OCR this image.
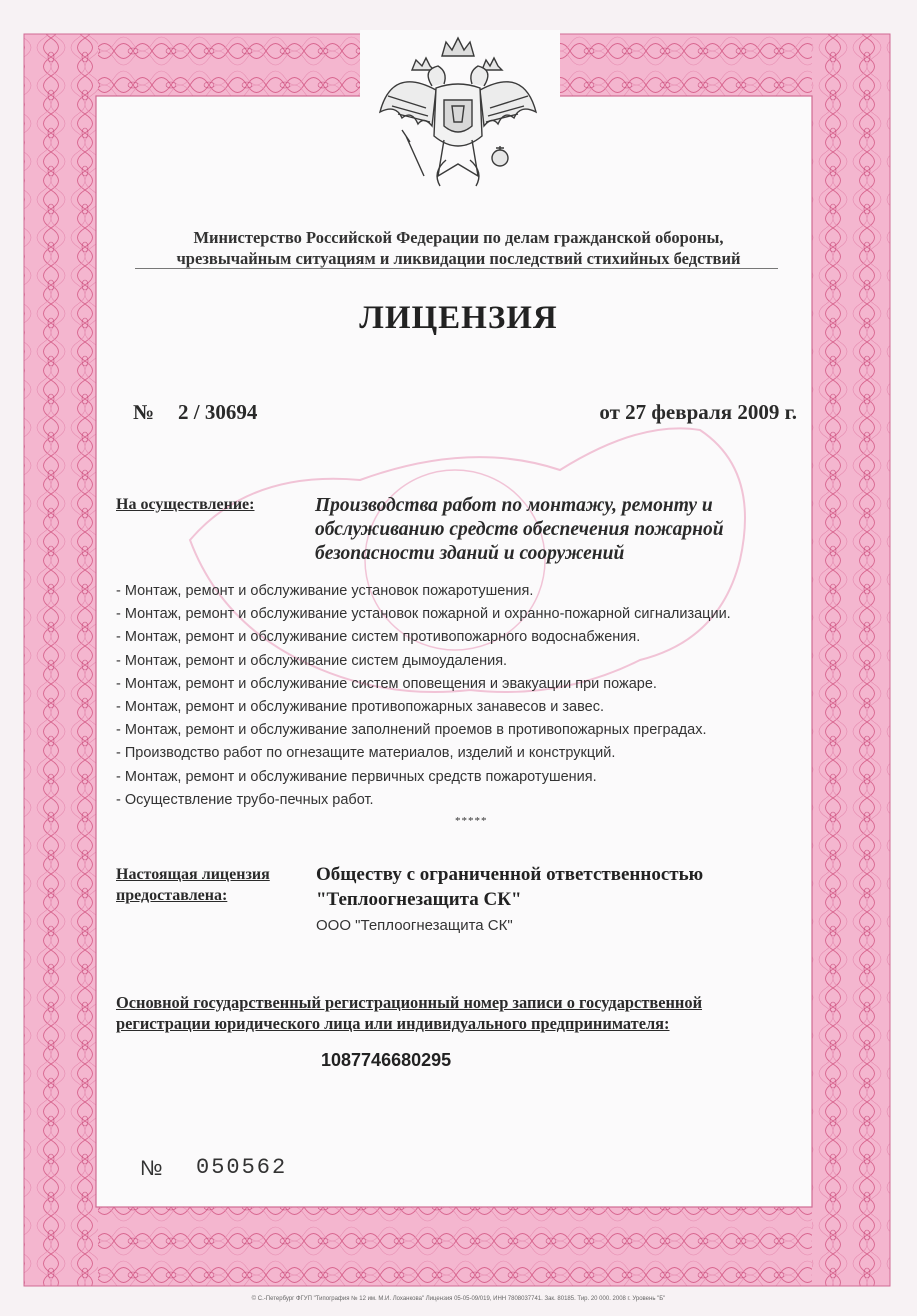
Министерство Российской Федерации по делам гражданской обороны,
чрезвычайным ситуациям и ликвидации последствий стихийных бедствий
ЛИЦЕНЗИЯ
№ 2 / 30694	от 27 февраля 2009 г.
На осуществление:	Производства работ по монтажу, ремонту и обслуживанию средств обеспечения пожарной безопасности зданий и сооружений
- Монтаж, ремонт и обслуживание установок пожаротушения.
- Монтаж, ремонт и обслуживание установок пожарной и охранно-пожарной сигнализации.
- Монтаж, ремонт и обслуживание систем противопожарного водоснабжения.
- Монтаж, ремонт и обслуживание систем дымоудаления.
- Монтаж, ремонт и обслуживание систем оповещения и эвакуации при пожаре.
- Монтаж, ремонт и обслуживание противопожарных занавесов и завес.
- Монтаж, ремонт и обслуживание заполнений проемов в противопожарных преградах.
- Производство работ по огнезащите материалов, изделий и конструкций.
- Монтаж, ремонт и обслуживание первичных средств пожаротушения.
- Осуществление трубо-печных работ.
*****
Настоящая лицензия
предоставлена:
Обществу с ограниченной ответственностью
"Теплоогнезащита СК"
ООО "Теплоогнезащита СК"
Основной государственный регистрационный номер записи о государственной
регистрации юридического лица или индивидуального предпринимателя:
1087746680295
№ 050562
© С.-Петербург ФГУП "Типография № 12 им. М.И. Лоханкова" Лицензия 05-05-09/019, ИНН 7808037741. Зак. 80185. Тир. 20 000. 2008 г. Уровень "Б"
